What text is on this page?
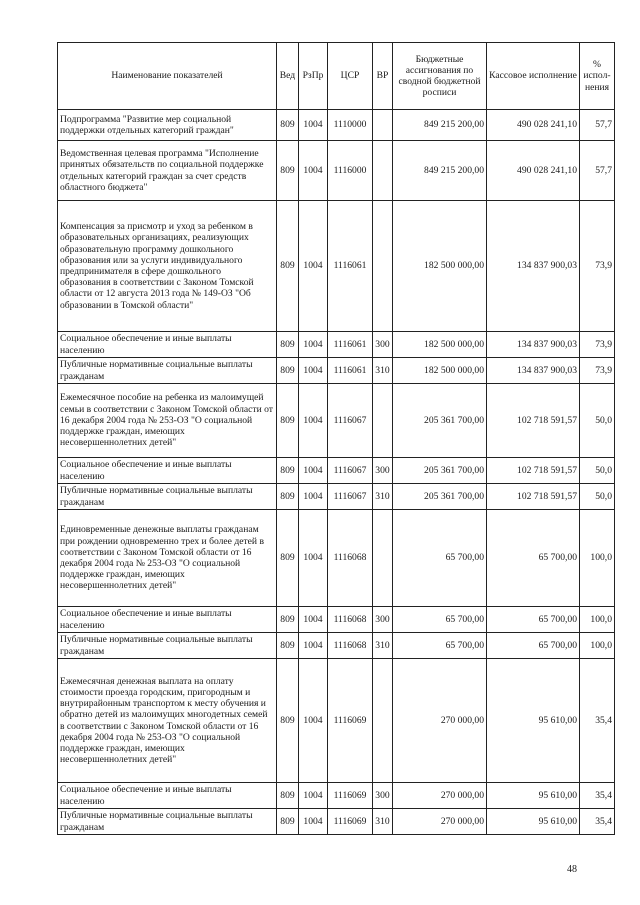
Наименование показателей	Вед	РзПр	ЦСР	ВР	Бюджетные ассигнования по сводной бюджетной росписи	Кассовое исполнение	% испол-нения
Подпрограмма "Развитие мер социальной поддержки отдельных категорий граждан"	809	1004	1110000		849 215 200,00	490 028 241,10	57,7
Ведомственная целевая программа "Исполнение принятых обязательств по социальной поддержке отдельных категорий граждан за счет средств областного бюджета"	809	1004	1116000		849 215 200,00	490 028 241,10	57,7
Компенсация за присмотр и уход за ребенком в образовательных организациях, реализующих образовательную программу дошкольного образования или за услуги индивидуального предпринимателя в сфере дошкольного образования в соответствии с Законом Томской области от 12 августа 2013 года № 149-ОЗ "Об образовании в Томской области"	809	1004	1116061		182 500 000,00	134 837 900,03	73,9
Социальное обеспечение и иные выплаты населению	809	1004	1116061	300	182 500 000,00	134 837 900,03	73,9
Публичные нормативные социальные выплаты гражданам	809	1004	1116061	310	182 500 000,00	134 837 900,03	73,9
Ежемесячное пособие на ребенка из малоимущей семьи в соответствии с Законом Томской области от 16 декабря 2004 года № 253-ОЗ "О социальной поддержке граждан, имеющих несовершеннолетних детей"	809	1004	1116067		205 361 700,00	102 718 591,57	50,0
Социальное обеспечение и иные выплаты населению	809	1004	1116067	300	205 361 700,00	102 718 591,57	50,0
Публичные нормативные социальные выплаты гражданам	809	1004	1116067	310	205 361 700,00	102 718 591,57	50,0
Единовременные денежные выплаты гражданам при рождении одновременно трех и более детей в соответствии с Законом Томской области от 16 декабря 2004 года № 253-ОЗ "О социальной поддержке граждан, имеющих несовершеннолетних детей"	809	1004	1116068		65 700,00	65 700,00	100,0
Социальное обеспечение и иные выплаты населению	809	1004	1116068	300	65 700,00	65 700,00	100,0
Публичные нормативные социальные выплаты гражданам	809	1004	1116068	310	65 700,00	65 700,00	100,0
Ежемесячная денежная выплата на оплату стоимости проезда городским, пригородным и внутрирайонным транспортом к месту обучения и обратно детей из малоимущих многодетных семей в соответствии с Законом Томской области от 16 декабря 2004 года № 253-ОЗ "О социальной поддержке граждан, имеющих несовершеннолетних детей"	809	1004	1116069		270 000,00	95 610,00	35,4
Социальное обеспечение и иные выплаты населению	809	1004	1116069	300	270 000,00	95 610,00	35,4
Публичные нормативные социальные выплаты гражданам	809	1004	1116069	310	270 000,00	95 610,00	35,4
48
